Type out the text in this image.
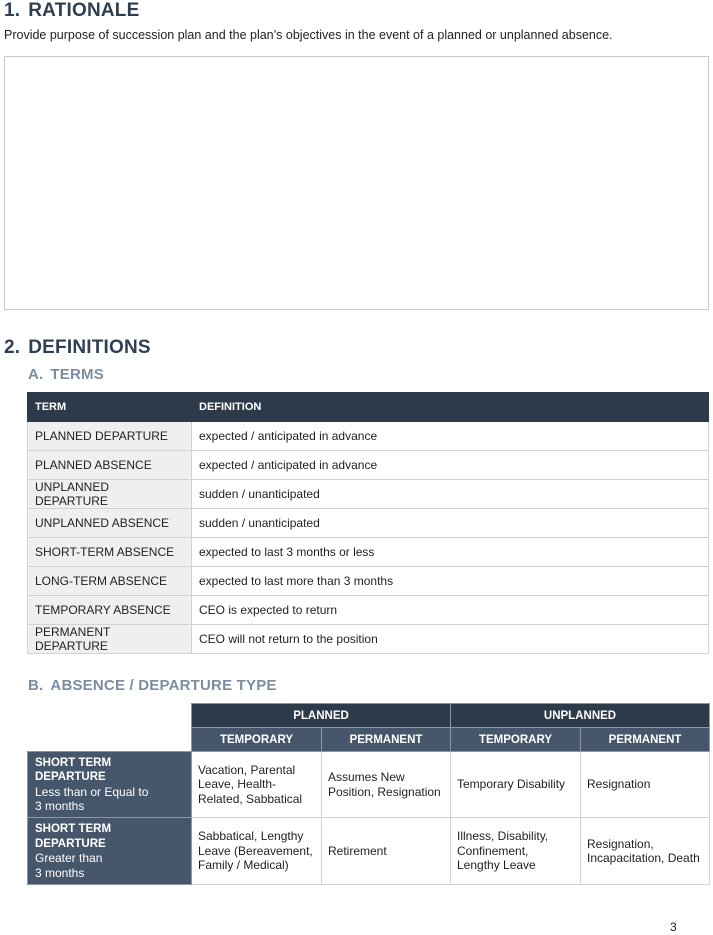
1. RATIONALE

Provide purpose of succession plan and the plan’s objectives in the event of a planned or unplanned absence.

2. DEFINITIONS
A. TERMS
TERM	DEFINITION
PLANNED DEPARTURE	expected / anticipated in advance
PLANNED ABSENCE	expected / anticipated in advance
UNPLANNED DEPARTURE	sudden / unanticipated
UNPLANNED ABSENCE	sudden / unanticipated
SHORT-TERM ABSENCE	expected to last 3 months or less
LONG-TERM ABSENCE	expected to last more than 3 months
TEMPORARY ABSENCE	CEO is expected to return
PERMANENT DEPARTURE	CEO will not return to the position
B. ABSENCE / DEPARTURE TYPE
	PLANNED		UNPLANNED	
	TEMPORARY	PERMANENT	TEMPORARY	PERMANENT

SHORT TERM DEPARTURE
Less than or Equal to
3 months	Vacation, Parental Leave, Health-Related, Sabbatical	Assumes New Position, Resignation	Temporary Disability	Resignation

SHORT TERM DEPARTURE
Greater than
3 months	Sabbatical, Lengthy Leave (Bereavement, Family / Medical)	Retirement	Illness, Disability, Confinement, Lengthy Leave	Resignation, Incapacitation, Death
3
